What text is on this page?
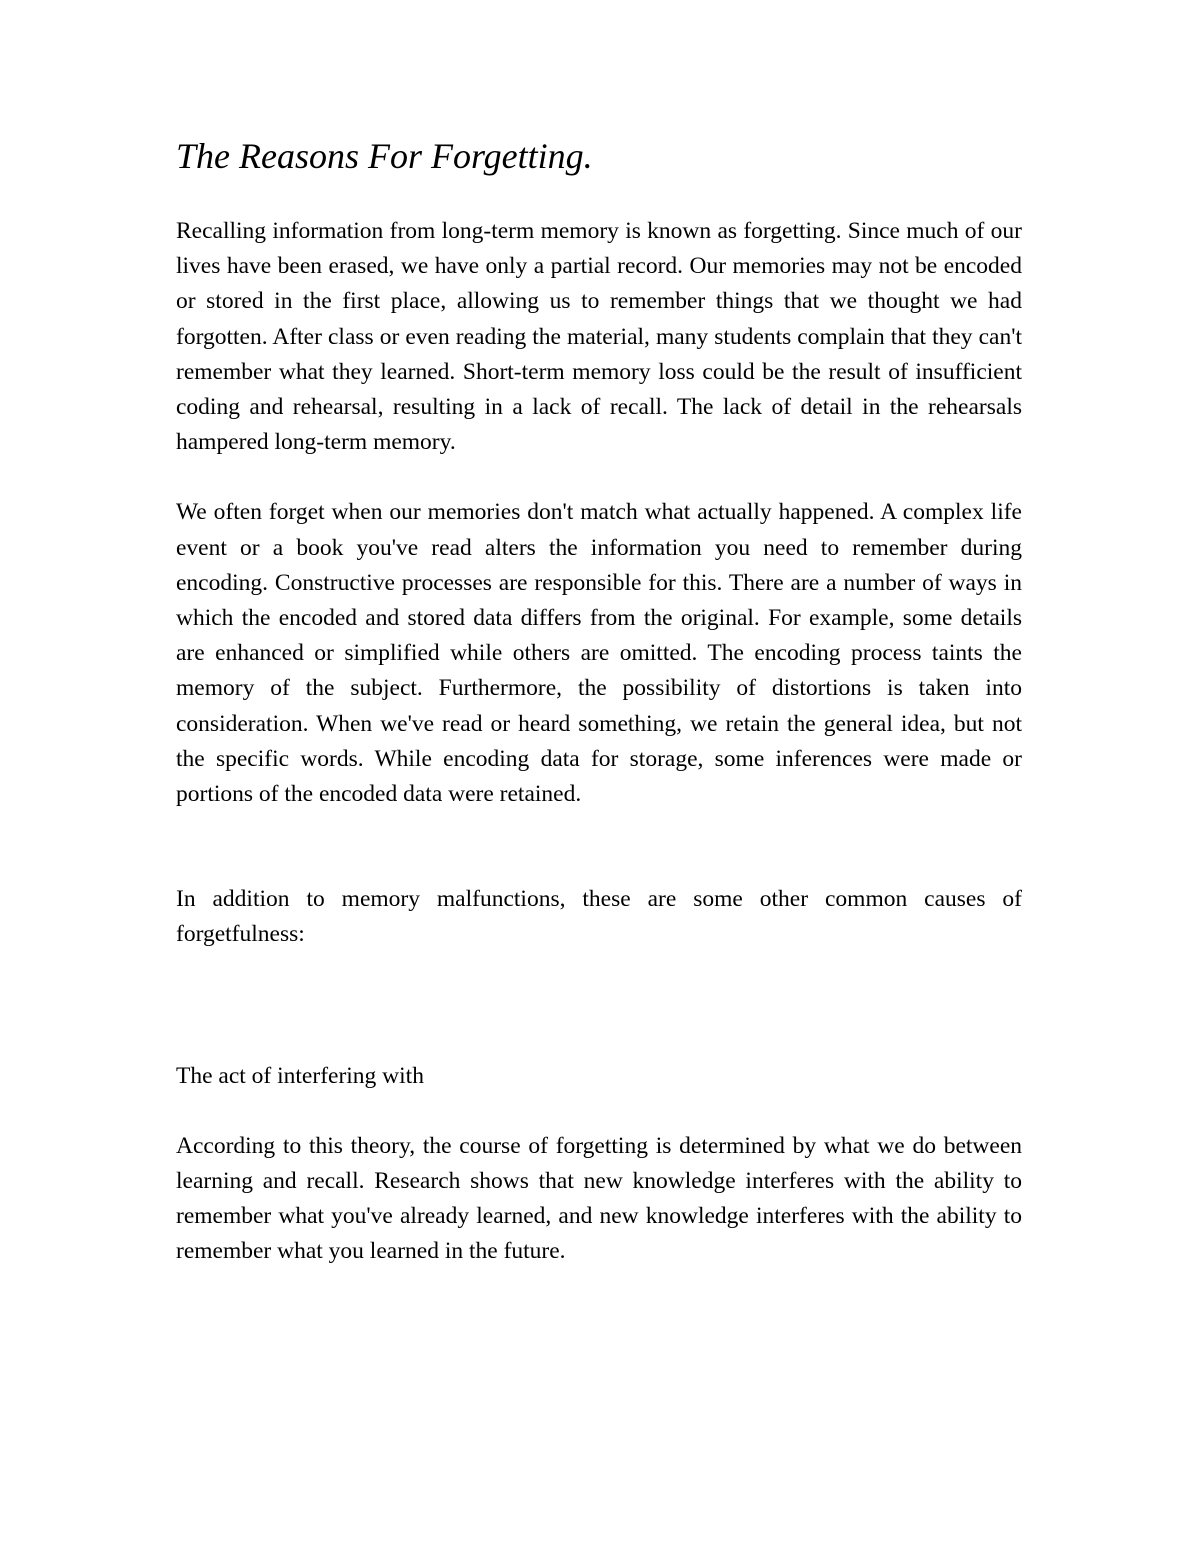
The Reasons For Forgetting.

Recalling information from long-term memory is known as forgetting. Since much of our lives have been erased, we have only a partial record. Our memories may not be encoded or stored in the first place, allowing us to remember things that we thought we had forgotten. After class or even reading the material, many students complain that they can't remember what they learned. Short-term memory loss could be the result of insufficient coding and rehearsal, resulting in a lack of recall. The lack of detail in the rehearsals hampered long-term memory.

We often forget when our memories don't match what actually happened. A complex life event or a book you've read alters the information you need to remember during encoding. Constructive processes are responsible for this. There are a number of ways in which the encoded and stored data differs from the original. For example, some details are enhanced or simplified while others are omitted. The encoding process taints the memory of the subject. Furthermore, the possibility of distortions is taken into consideration. When we've read or heard something, we retain the general idea, but not the specific words. While encoding data for storage, some inferences were made or portions of the encoded data were retained.

In addition to memory malfunctions, these are some other common causes of forgetfulness:

The act of interfering with

According to this theory, the course of forgetting is determined by what we do between learning and recall. Research shows that new knowledge interferes with the ability to remember what you've already learned, and new knowledge interferes with the ability to remember what you learned in the future.
